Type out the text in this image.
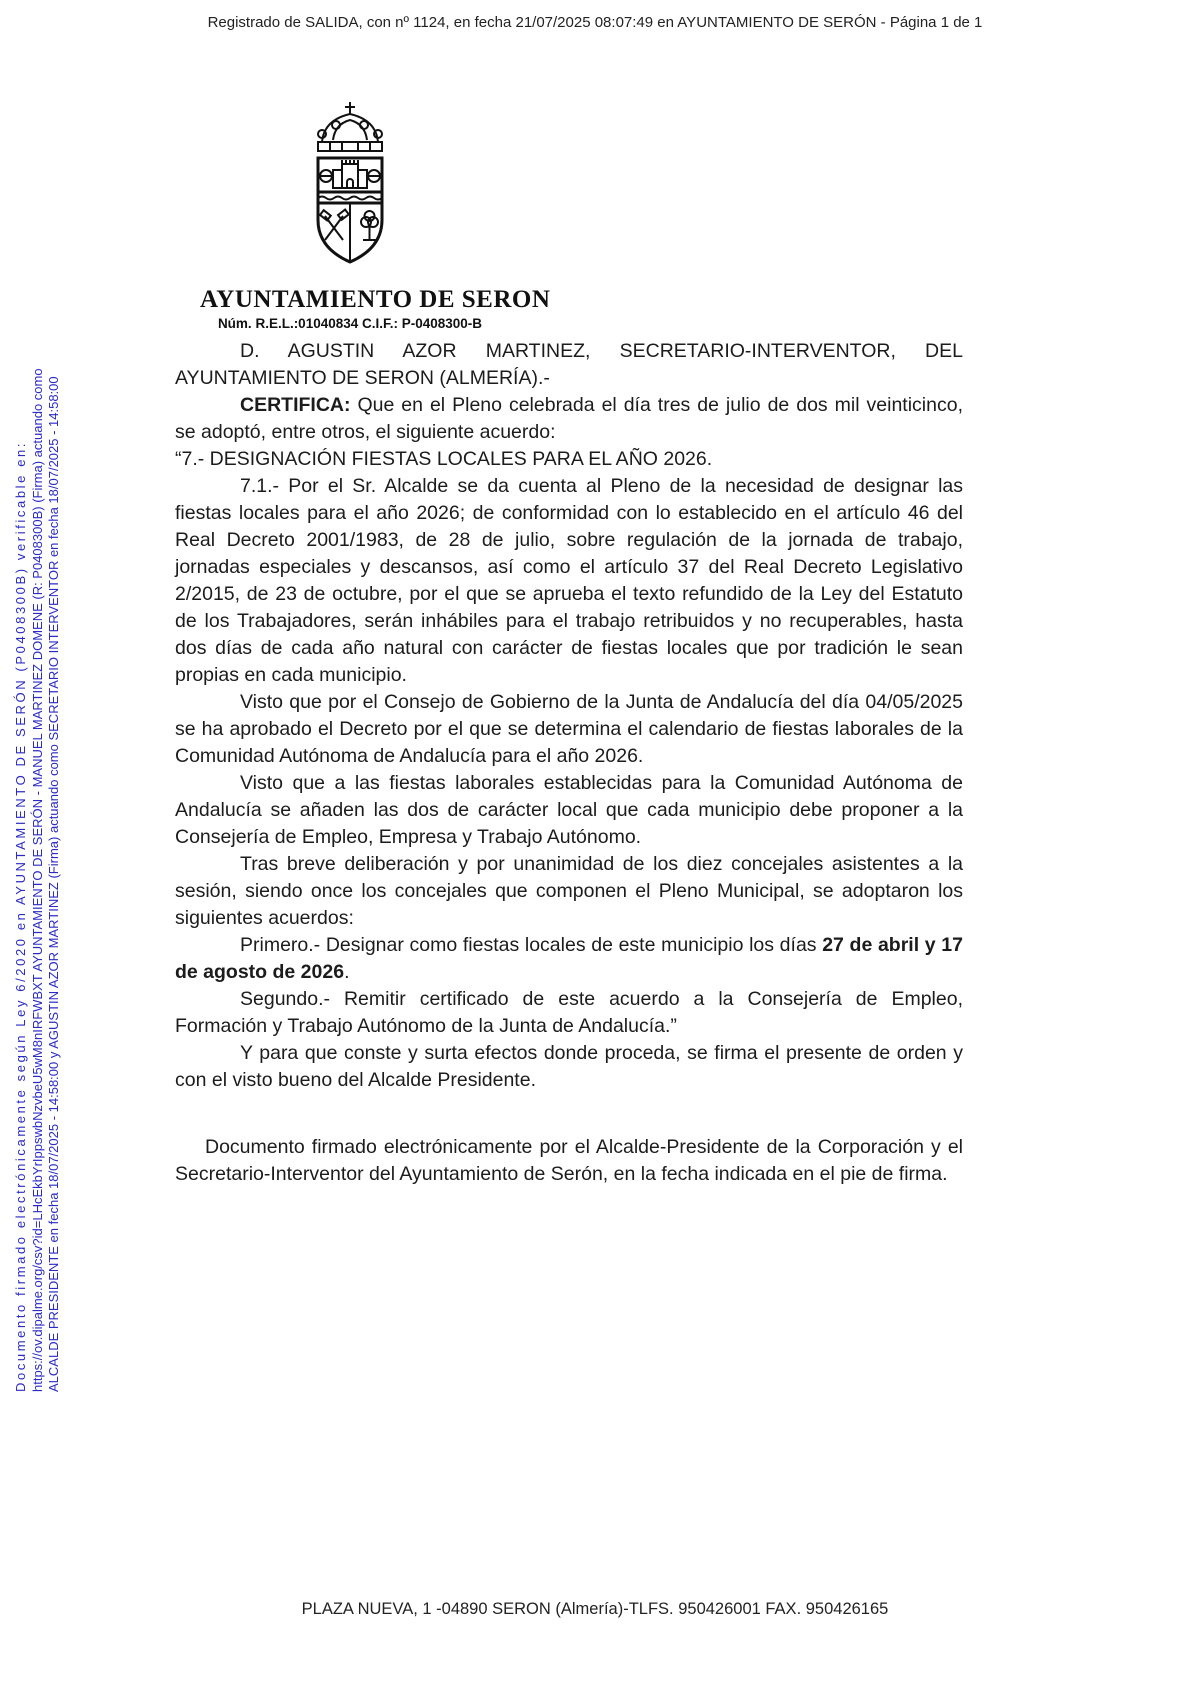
Registrado de SALIDA, con nº 1124, en fecha 21/07/2025 08:07:49 en AYUNTAMIENTO DE SERÓN - Página 1 de 1
AYUNTAMIENTO DE SERON
Núm. R.E.L.:01040834 C.I.F.: P-0408300-B

D. AGUSTIN AZOR MARTINEZ, SECRETARIO-INTERVENTOR, DEL AYUNTAMIENTO DE SERON (ALMERÍA).-

CERTIFICA: Que en el Pleno celebrada el día tres de julio de dos mil veinticinco, se adoptó, entre otros, el siguiente acuerdo:

“7.- DESIGNACIÓN FIESTAS LOCALES PARA EL AÑO 2026.

7.1.- Por el Sr. Alcalde se da cuenta al Pleno de la necesidad de designar las fiestas locales para el año 2026; de conformidad con lo establecido en el artículo 46 del Real Decreto 2001/1983, de 28 de julio, sobre regulación de la jornada de trabajo, jornadas especiales y descansos, así como el artículo 37 del Real Decreto Legislativo 2/2015, de 23 de octubre, por el que se aprueba el texto refundido de la Ley del Estatuto de los Trabajadores, serán inhábiles para el trabajo retribuidos y no recuperables, hasta dos días de cada año natural con carácter de fiestas locales que por tradición le sean propias en cada municipio.

Visto que por el Consejo de Gobierno de la Junta de Andalucía del día 04/05/2025 se ha aprobado el Decreto por el que se determina el calendario de fiestas laborales de la Comunidad Autónoma de Andalucía para el año 2026.

Visto que a las fiestas laborales establecidas para la Comunidad Autónoma de Andalucía se añaden las dos de carácter local que cada municipio debe proponer a la Consejería de Empleo, Empresa y Trabajo Autónomo.

Tras breve deliberación y por unanimidad de los diez concejales asistentes a la sesión, siendo once los concejales que componen el Pleno Municipal, se adoptaron los siguientes acuerdos:

Primero.- Designar como fiestas locales de este municipio los días 27 de abril y 17 de agosto de 2026.

Segundo.- Remitir certificado de este acuerdo a la Consejería de Empleo, Formación y Trabajo Autónomo de la Junta de Andalucía.”

Y para que conste y surta efectos donde proceda, se firma el presente de orden y con el visto bueno del Alcalde Presidente.

Documento firmado electrónicamente por el Alcalde-Presidente de la Corporación y el Secretario-Interventor del Ayuntamiento de Serón, en la fecha indicada en el pie de firma.

Documento firmado electrónicamente según Ley 6/2020 en AYUNTAMIENTO DE SERÓN (P0408300B) verificable en: https://ov.dipalme.org/csv?id=LHcEkbYrIppswbNzvbeU5wM8nIRFWBXT AYUNTAMIENTO DE SERÓN - MANUEL MARTINEZ DOMENE (R: P0408300B) (Firma) actuando como ALCALDE PRESIDENTE en fecha 18/07/2025 - 14:58:00 y AGUSTIN AZOR MARTINEZ (Firma) actuando como SECRETARIO INTERVENTOR en fecha 18/07/2025 - 14:58:00
PLAZA NUEVA, 1 -04890 SERON (Almería)-TLFS. 950426001 FAX. 950426165
